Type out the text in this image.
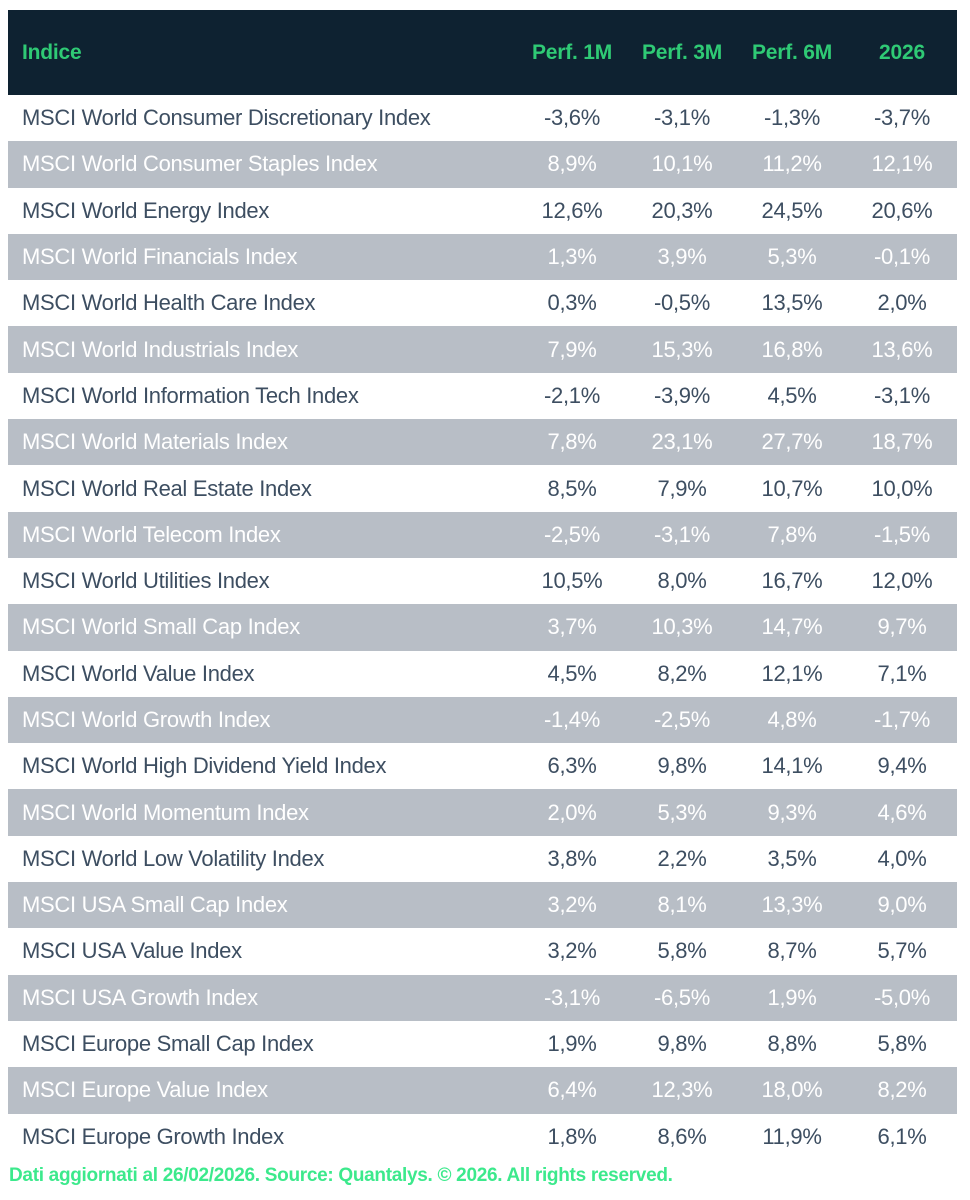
Indice	Perf. 1M	Perf. 3M	Perf. 6M	2026
MSCI World Consumer Discretionary Index	-3,6%	-3,1%	-1,3%	-3,7%
MSCI World Consumer Staples Index	8,9%	10,1%	11,2%	12,1%
MSCI World Energy Index	12,6%	20,3%	24,5%	20,6%
MSCI World Financials Index	1,3%	3,9%	5,3%	-0,1%
MSCI World Health Care Index	0,3%	-0,5%	13,5%	2,0%
MSCI World Industrials Index	7,9%	15,3%	16,8%	13,6%
MSCI World Information Tech Index	-2,1%	-3,9%	4,5%	-3,1%
MSCI World Materials Index	7,8%	23,1%	27,7%	18,7%
MSCI World Real Estate Index	8,5%	7,9%	10,7%	10,0%
MSCI World Telecom Index	-2,5%	-3,1%	7,8%	-1,5%
MSCI World Utilities Index	10,5%	8,0%	16,7%	12,0%
MSCI World Small Cap Index	3,7%	10,3%	14,7%	9,7%
MSCI World Value Index	4,5%	8,2%	12,1%	7,1%
MSCI World Growth Index	-1,4%	-2,5%	4,8%	-1,7%
MSCI World High Dividend Yield Index	6,3%	9,8%	14,1%	9,4%
MSCI World Momentum Index	2,0%	5,3%	9,3%	4,6%
MSCI World Low Volatility Index	3,8%	2,2%	3,5%	4,0%
MSCI USA Small Cap Index	3,2%	8,1%	13,3%	9,0%
MSCI USA Value Index	3,2%	5,8%	8,7%	5,7%
MSCI USA Growth Index	-3,1%	-6,5%	1,9%	-5,0%
MSCI Europe Small Cap Index	1,9%	9,8%	8,8%	5,8%
MSCI Europe Value Index	6,4%	12,3%	18,0%	8,2%
MSCI Europe Growth Index	1,8%	8,6%	11,9%	6,1%
Dati aggiornati al 26/02/2026. Source: Quantalys. © 2026. All rights reserved.
